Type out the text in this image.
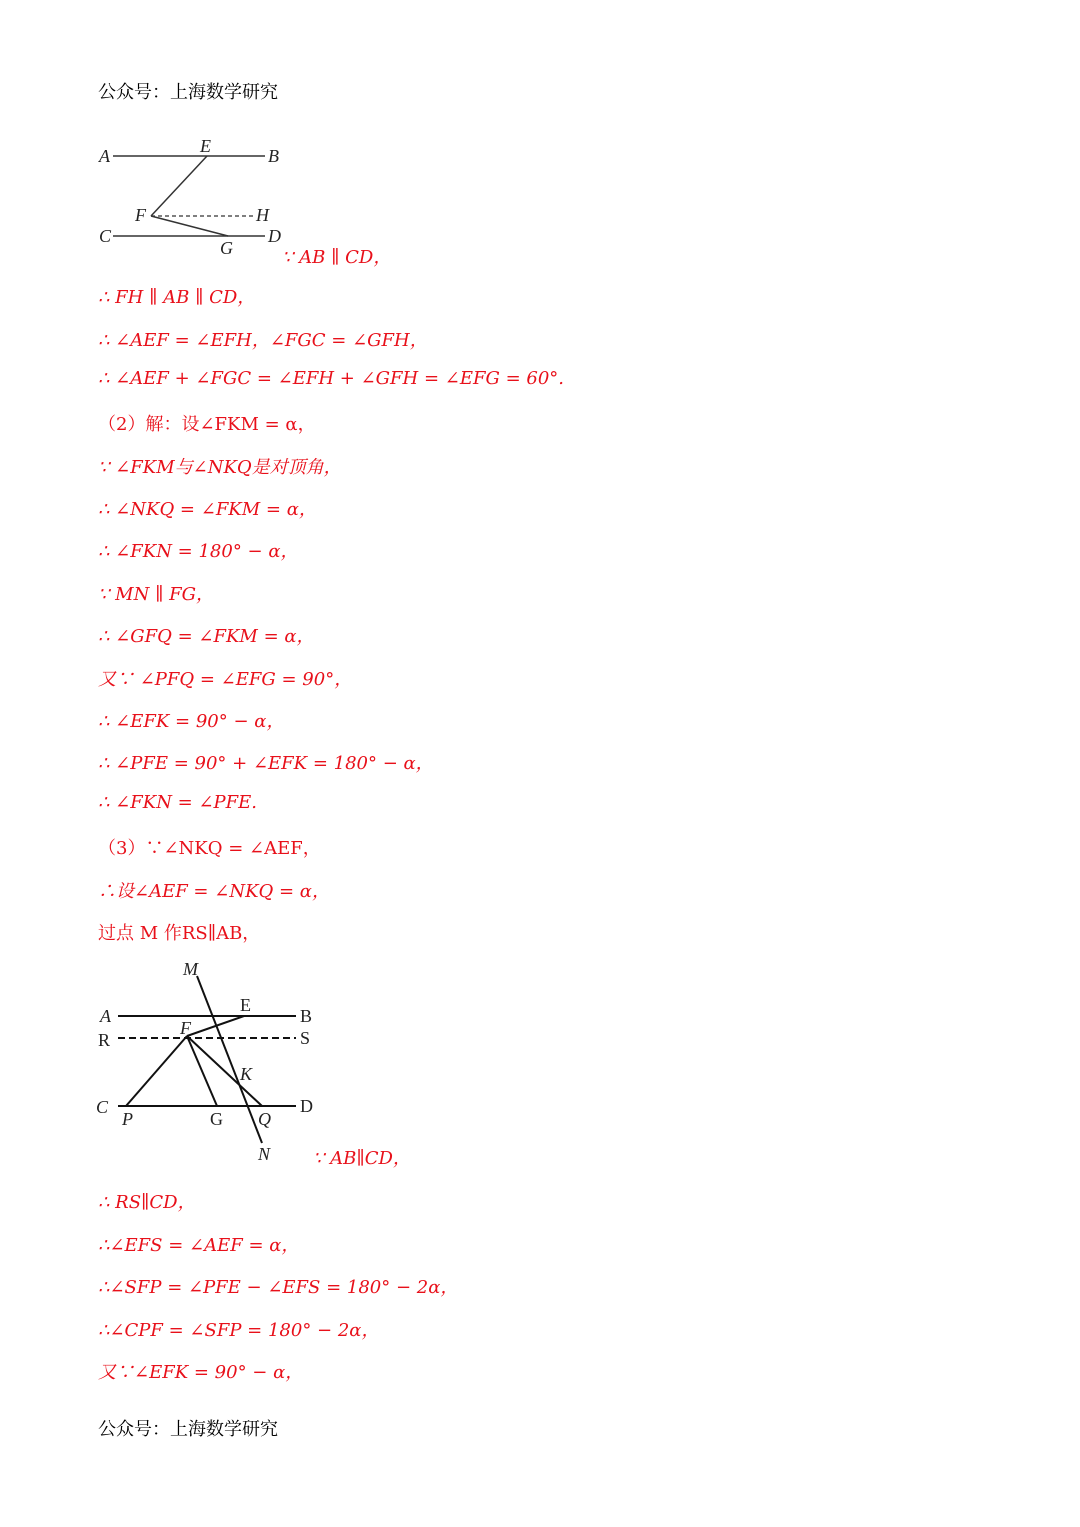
公众号：上海数学研究
A	E	B
F	H
C
G
D
∵ AB ∥ CD，
∴ FH ∥ AB ∥ CD，
∴ ∠AEF = ∠EFH，∠FGC = ∠GFH，
∴ ∠AEF + ∠FGC = ∠EFH + ∠GFH = ∠EFG = 60°.
（2）解：设∠FKM = α，
∵ ∠FKM与∠NKQ是对顶角，
∴ ∠NKQ = ∠FKM = α，
∴ ∠FKN = 180° − α，
∵ MN ∥ FG，
∴ ∠GFQ = ∠FKM = α，
又∵ ∠PFQ = ∠EFG = 90°，
∴ ∠EFK = 90° − α，
∴ ∠PFE = 90° + ∠EFK = 180° − α，
∴ ∠FKN = ∠PFE.
（3）∵∠NKQ = ∠AEF，
∴设∠AEF = ∠NKQ = α，
过点 M 作RS∥AB，
M
A
E
B
R
F	S
K
C
P	G Q
D
N ∵ AB∥CD，
∴ RS∥CD，
∴∠EFS = ∠AEF = α，
∴∠SFP = ∠PFE − ∠EFS = 180° − 2α，
∴∠CPF = ∠SFP = 180° − 2α，
又∵∠EFK = 90° − α，
公众号：上海数学研究
